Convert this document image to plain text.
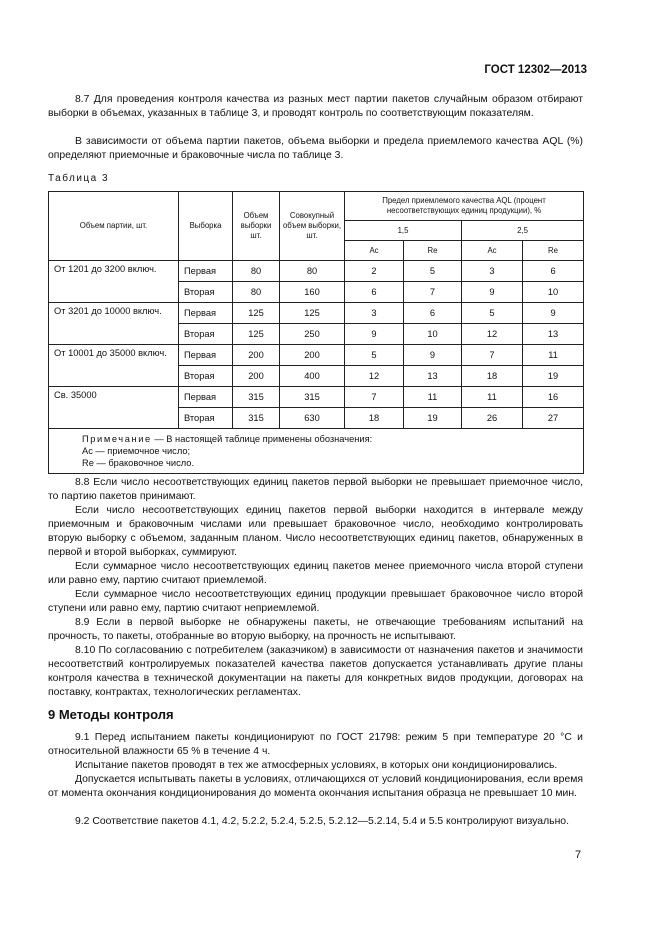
ГОСТ 12302—2013

8.7 Для проведения контроля качества из разных мест партии пакетов случайным образом отбирают выборки в объемах, указанных в таблице 3, и проводят контроль по соответствующим показателям.

В зависимости от объема партии пакетов, объема выборки и предела приемлемого качества AQL (%) определяют приемочные и браковочные числа по таблице 3.

Таблица 3
Объем партии, шт.	Выборка	Объем выборки шт.	Совокупный объем выборки, шт.	Предел приемлемого качества AQL (процент несоответствующих единиц продукции), %			
				1,5		2,5	
				Ac	Re	Ac	Re
От 1201 до 3200 включ.	Первая	80	80	2	5	3	6
	Вторая	80	160	6	7	9	10
От 3201 до 10000 включ.	Первая	125	125	3	6	5	9
	Вторая	125	250	9	10	12	13
От 10001 до 35000 включ.	Первая	200	200	5	9	7	11
	Вторая	200	400	12	13	18	19
Св. 35000	Первая	315	315	7	11	11	16
	Вторая	315	630	18	19	26	27

Примечание — В настоящей таблице применены обозначения:
Ac — приемочное число;
Re — браковочное число.							

8.8 Если число несоответствующих единиц пакетов первой выборки не превышает приемочное число, то партию пакетов принимают.

Если число несоответствующих единиц пакетов первой выборки находится в интервале между приемочным и браковочным числами или превышает браковочное число, необходимо контролировать вторую выборку с объемом, заданным планом. Число несоответствующих единиц пакетов, обнаруженных в первой и второй выборках, суммируют.

Если суммарное число несоответствующих единиц пакетов менее приемочного числа второй ступени или равно ему, партию считают приемлемой.

Если суммарное число несоответствующих единиц продукции превышает браковочное число второй ступени или равно ему, партию считают неприемлемой.

8.9 Если в первой выборке не обнаружены пакеты, не отвечающие требованиям испытаний на прочность, то пакеты, отобранные во вторую выборку, на прочность не испытывают.

8.10 По согласованию с потребителем (заказчиком) в зависимости от назначения пакетов и значимости несоответствий контролируемых показателей качества пакетов допускается устанавливать другие планы контроля качества в технической документации на пакеты для конкретных видов продукции, договорах на поставку, контрактах, технологических регламентах.

9 Методы контроля

9.1 Перед испытанием пакеты кондиционируют по ГОСТ 21798: режим 5 при температуре 20 °С и относительной влажности 65 % в течение 4 ч.

Испытание пакетов проводят в тех же атмосферных условиях, в которых они кондиционировались.

Допускается испытывать пакеты в условиях, отличающихся от условий кондиционирования, если время от момента окончания кондиционирования до момента окончания испытания образца не превышает 10 мин.

9.2 Соответствие пакетов 4.1, 4.2, 5.2.2, 5.2.4, 5.2.5, 5.2.12—5.2.14, 5.4 и 5.5 контролируют визуально.

7
